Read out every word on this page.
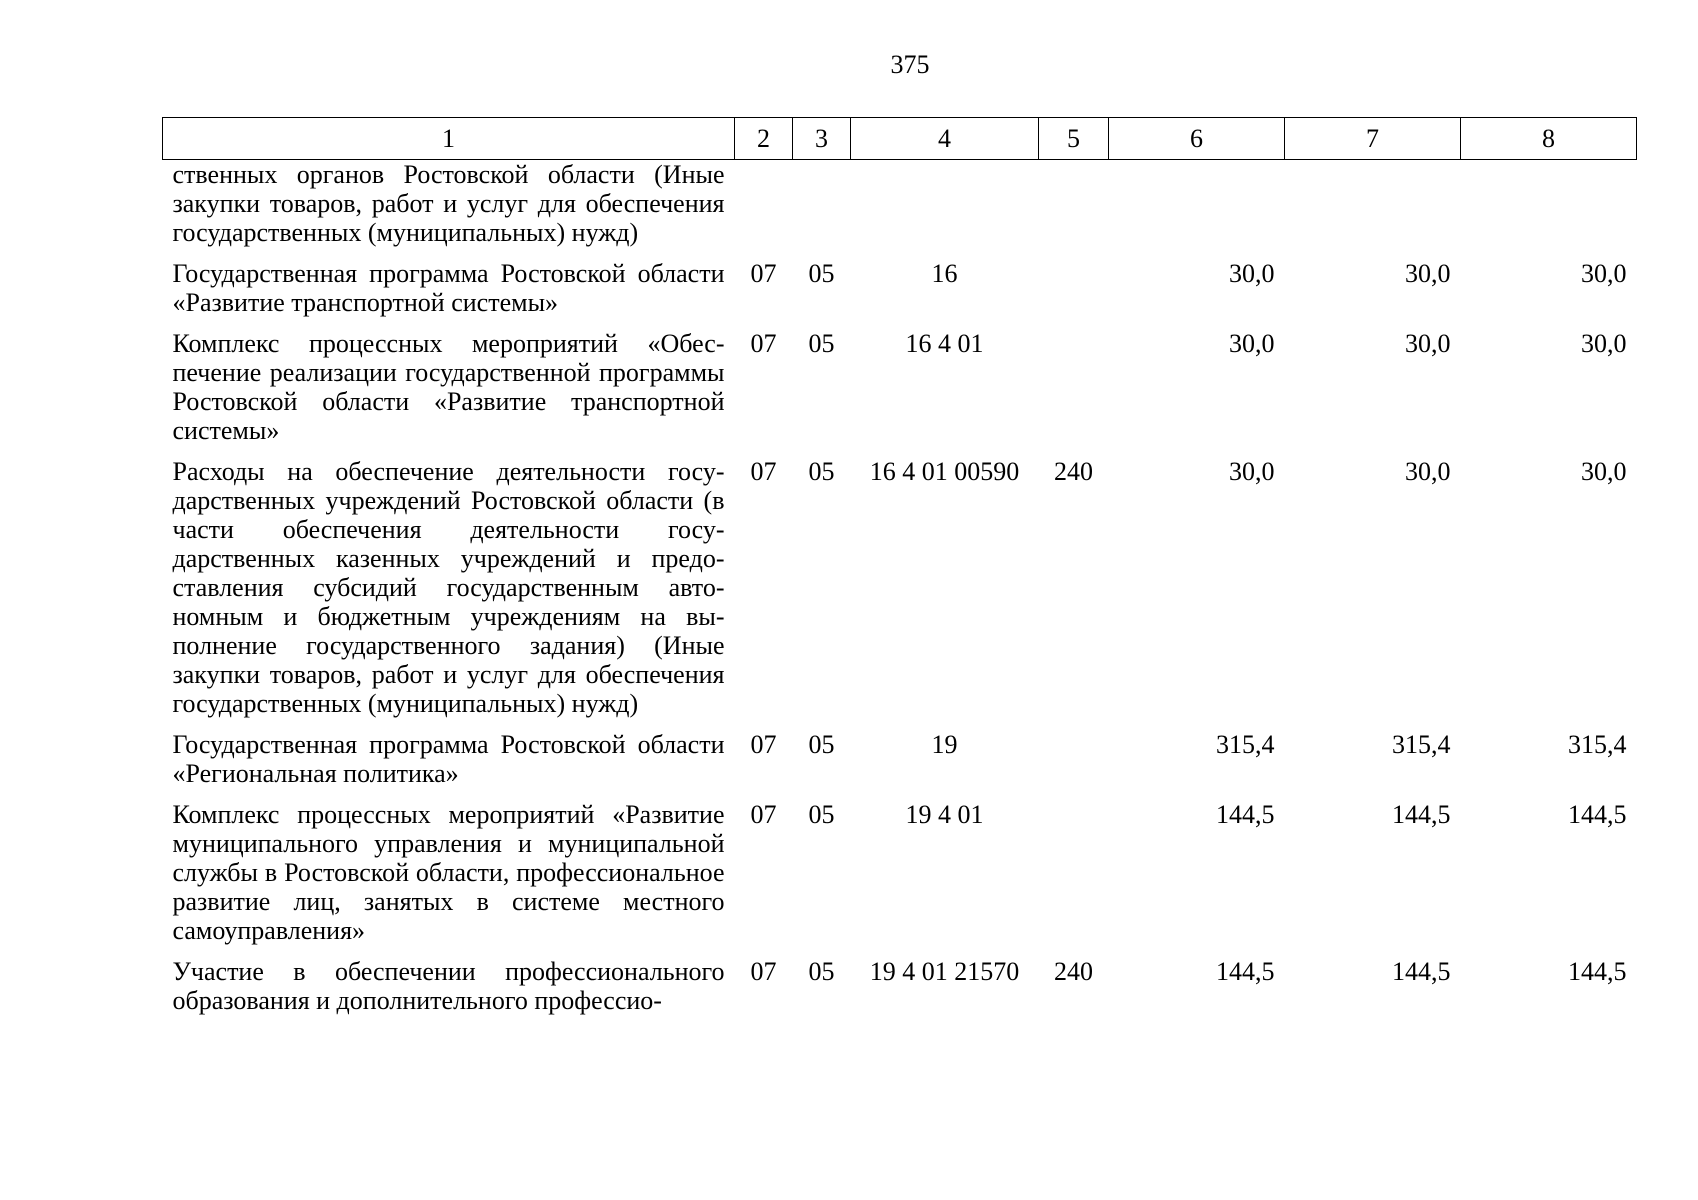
375
1	2	3	4	5	6	7	8
ственных органов Ростовской области (Иные закупки товаров, работ и услуг для обеспечения государственных (муниципальных) нужд)							
Государственная программа Ростовской области «Развитие транспортной системы»	07	05	16		30,0	30,0	30,0
Комплекс процессных мероприятий «Обеспечение реализации государственной программы Ростовской области «Развитие транспортной системы»	07	05	16 4 01		30,0	30,0	30,0
Расходы на обеспечение деятельности государственных учреждений Ростовской области (в части обеспечения деятельности государственных казенных учреждений и предоставления субсидий государственным автономным и бюджетным учреждениям на выполнение государственного задания) (Иные закупки товаров, работ и услуг для обеспечения государственных (муниципальных) нужд)	07	05	16 4 01 00590	240	30,0	30,0	30,0
Государственная программа Ростовской области «Региональная политика»	07	05	19		315,4	315,4	315,4
Комплекс процессных мероприятий «Развитие муниципального управления и муниципальной службы в Ростовской области, профессиональное развитие лиц, занятых в системе местного самоуправления»	07	05	19 4 01		144,5	144,5	144,5
Участие в обеспечении профессионального образования и дополнительного профессио-	07	05	19 4 01 21570	240	144,5	144,5	144,5
